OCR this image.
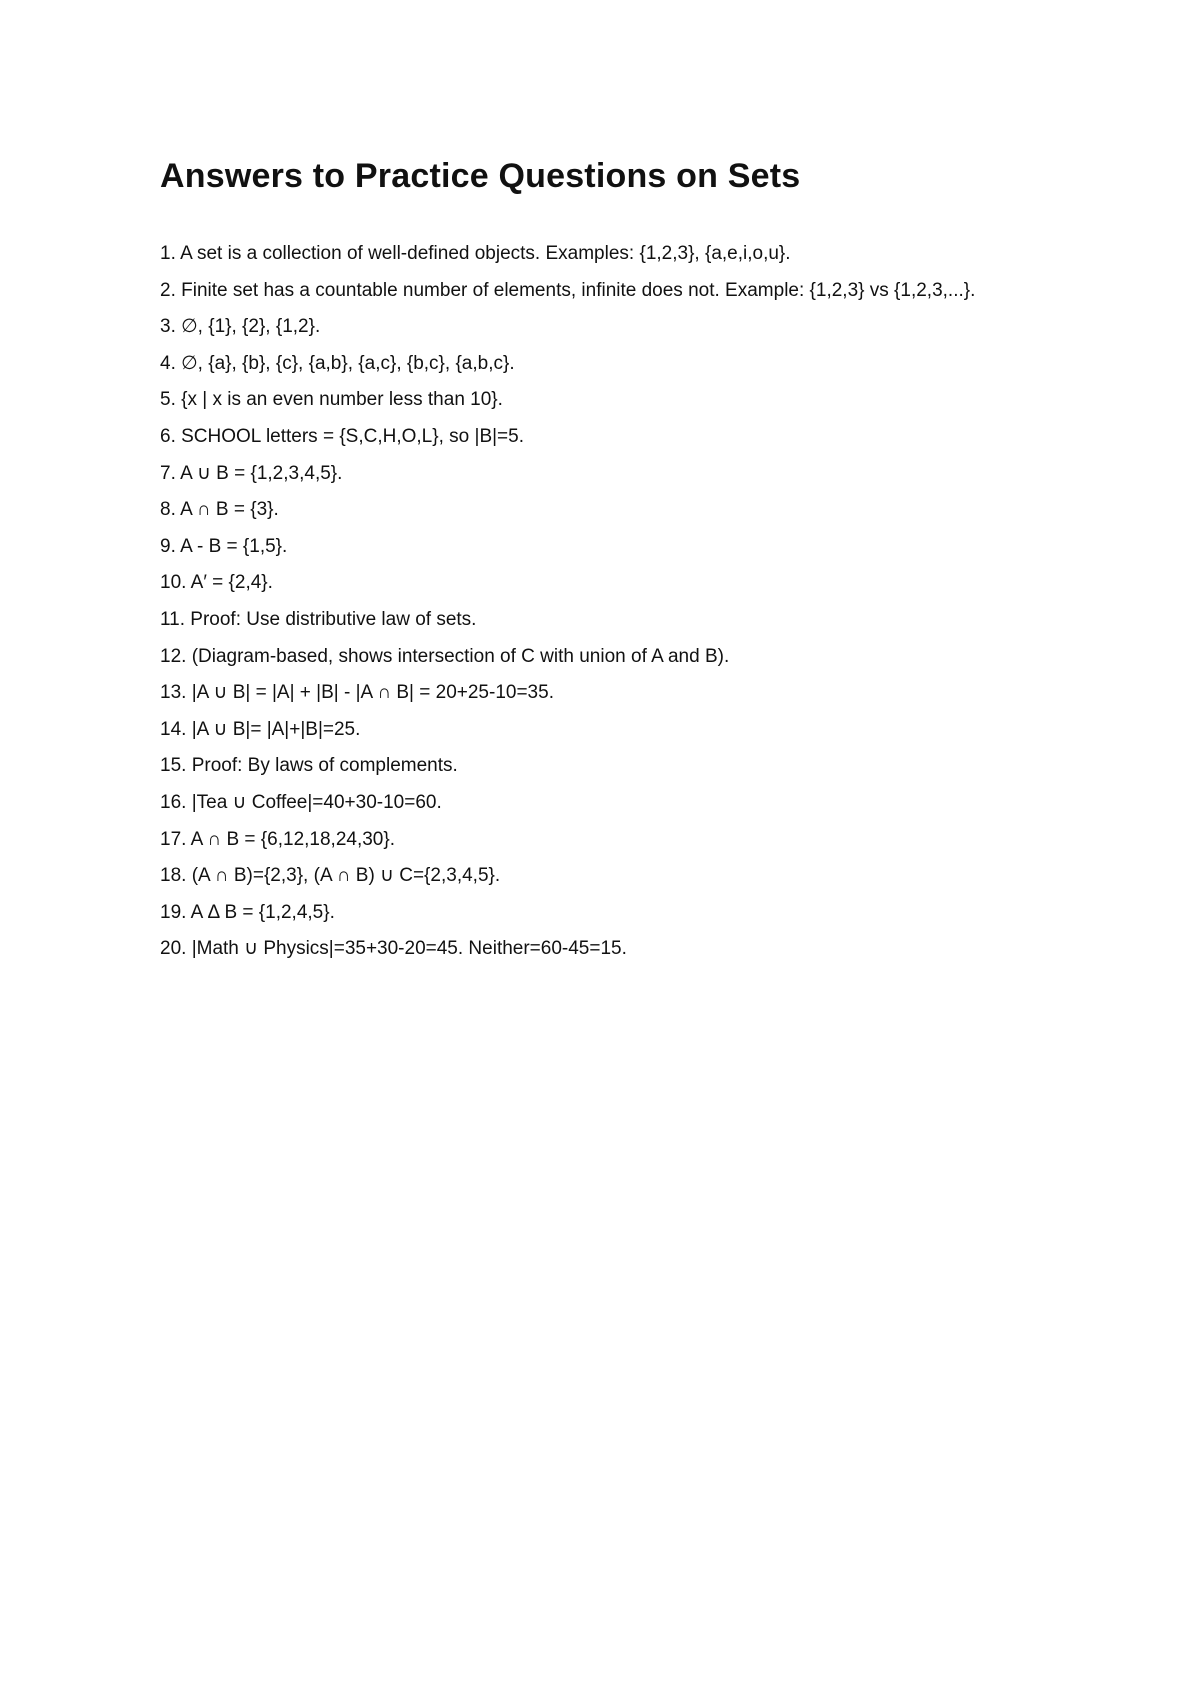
Answers to Practice Questions on Sets
1. A set is a collection of well-defined objects. Examples: {1,2,3}, {a,e,i,o,u}.
2. Finite set has a countable number of elements, infinite does not. Example: {1,2,3} vs {1,2,3,...}.
3. ∅, {1}, {2}, {1,2}.
4. ∅, {a}, {b}, {c}, {a,b}, {a,c}, {b,c}, {a,b,c}.
5. {x | x is an even number less than 10}.
6. SCHOOL letters = {S,C,H,O,L}, so |B|=5.
7. A ∪ B = {1,2,3,4,5}.
8. A ∩ B = {3}.
9. A - B = {1,5}.
10. A′ = {2,4}.
11. Proof: Use distributive law of sets.
12. (Diagram-based, shows intersection of C with union of A and B).
13. |A ∪ B| = |A| + |B| - |A ∩ B| = 20+25-10=35.
14. |A ∪ B|= |A|+|B|=25.
15. Proof: By laws of complements.
16. |Tea ∪ Coffee|=40+30-10=60.
17. A ∩ B = {6,12,18,24,30}.
18. (A ∩ B)={2,3}, (A ∩ B) ∪ C={2,3,4,5}.
19. A Δ B = {1,2,4,5}.
20. |Math ∪ Physics|=35+30-20=45. Neither=60-45=15.
